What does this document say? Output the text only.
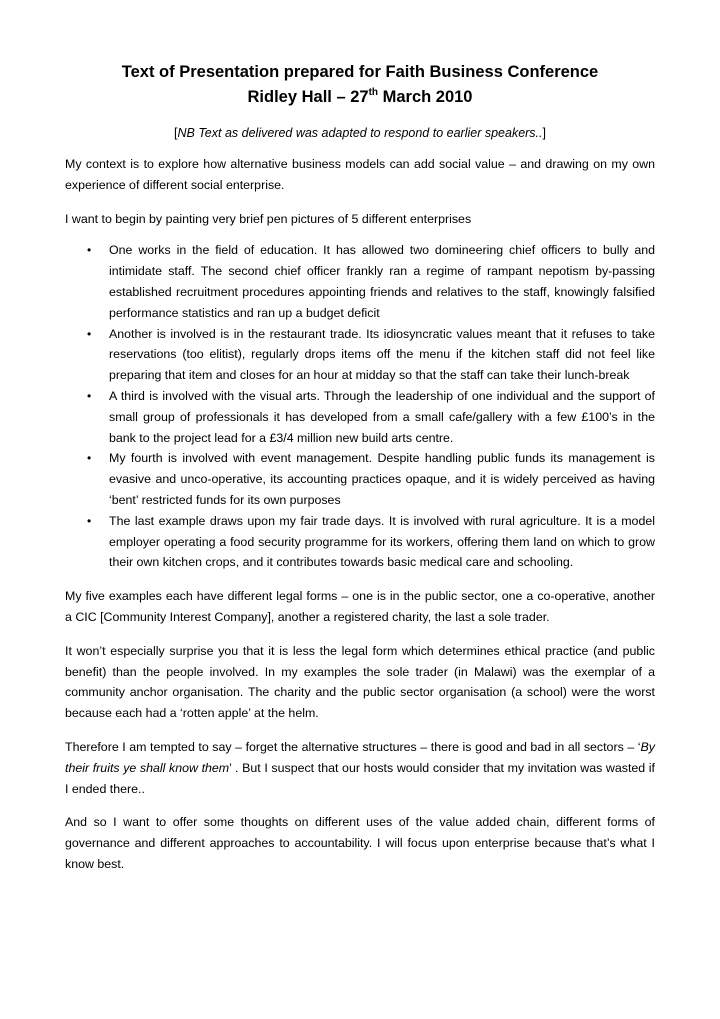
Text of Presentation prepared for Faith Business Conference
Ridley Hall – 27th March 2010

[NB Text as delivered was adapted to respond to earlier speakers..]

My context is to explore how alternative business models can add social value – and drawing on my own experience of different social enterprise.

I want to begin by painting very brief pen pictures of 5 different enterprises

• One works in the field of education. It has allowed two domineering chief officers to bully and intimidate staff. The second chief officer frankly ran a regime of rampant nepotism by-passing established recruitment procedures appointing friends and relatives to the staff, knowingly falsified performance statistics and ran up a budget deficit
• Another is involved is in the restaurant trade. Its idiosyncratic values meant that it refuses to take reservations (too elitist), regularly drops items off the menu if the kitchen staff did not feel like preparing that item and closes for an hour at midday so that the staff can take their lunch-break
• A third is involved with the visual arts. Through the leadership of one individual and the support of small group of professionals it has developed from a small cafe/gallery with a few £100’s in the bank to the project lead for a £3/4 million new build arts centre.
• My fourth is involved with event management. Despite handling public funds its management is evasive and unco-operative, its accounting practices opaque, and it is widely perceived as having ‘bent’ restricted funds for its own purposes
• The last example draws upon my fair trade days. It is involved with rural agriculture. It is a model employer operating a food security programme for its workers, offering them land on which to grow their own kitchen crops, and it contributes towards basic medical care and schooling.

My five examples each have different legal forms – one is in the public sector, one a co-operative, another a CIC [Community Interest Company], another a registered charity, the last a sole trader.

It won’t especially surprise you that it is less the legal form which determines ethical practice (and public benefit) than the people involved. In my examples the sole trader (in Malawi) was the exemplar of a community anchor organisation. The charity and the public sector organisation (a school) were the worst because each had a ‘rotten apple’ at the helm.

Therefore I am tempted to say – forget the alternative structures – there is good and bad in all sectors – ‘By their fruits ye shall know them’ . But I suspect that our hosts would consider that my invitation was wasted if I ended there..

And so I want to offer some thoughts on different uses of the value added chain, different forms of governance and different approaches to accountability. I will focus upon enterprise because that’s what I know best.
